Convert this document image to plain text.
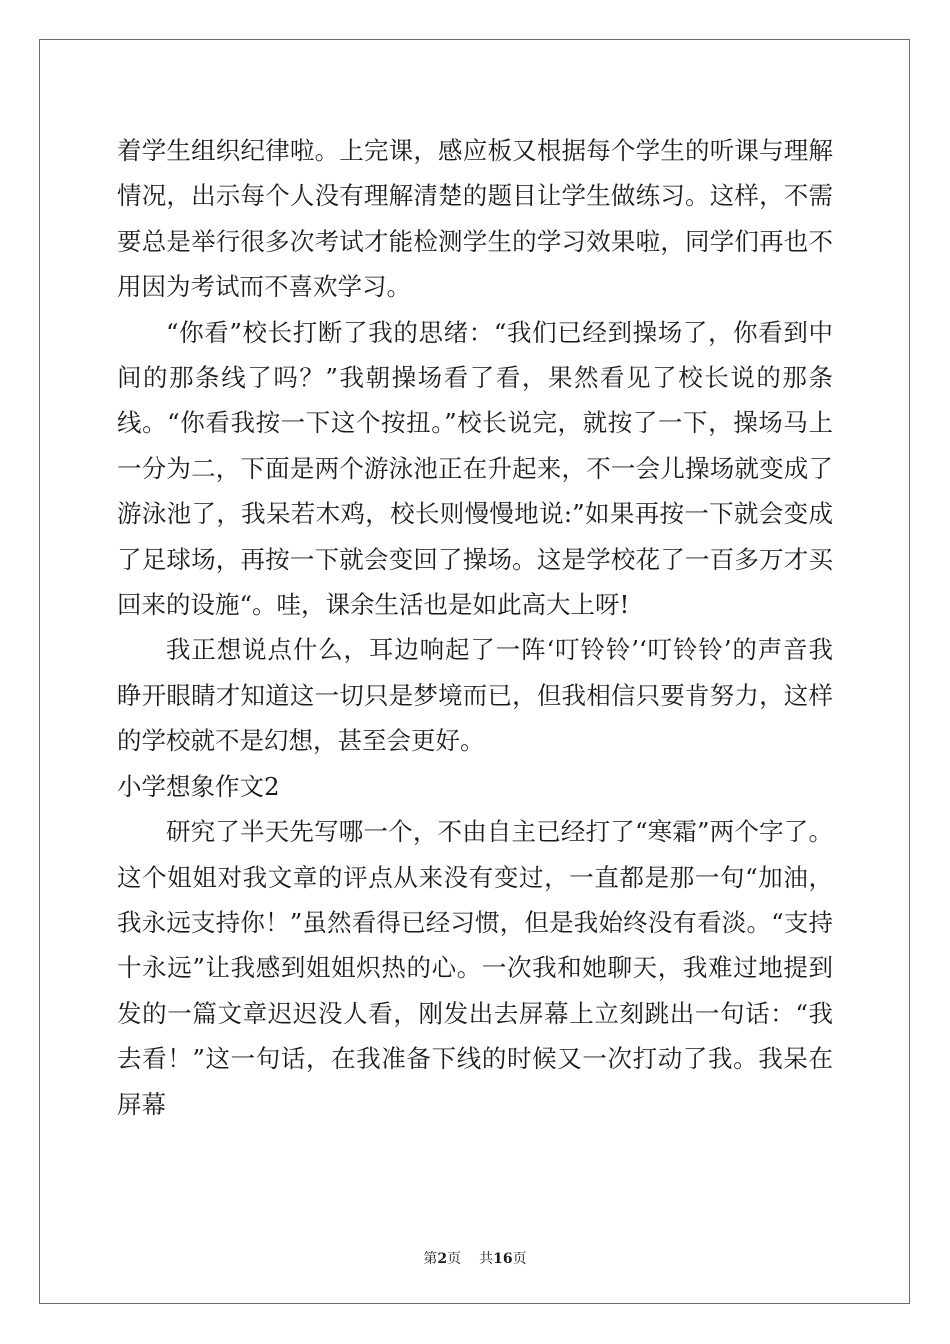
着学生组织纪律啦。上完课，感应板又根据每个学生的听课与理解情况，出示每个人没有理解清楚的题目让学生做练习。这样，不需要总是举行很多次考试才能检测学生的学习效果啦，同学们再也不用因为考试而不喜欢学习。

“你看”校长打断了我的思绪：“我们已经到操场了，你看到中间的那条线了吗？”我朝操场看了看，果然看见了校长说的那条线。“你看我按一下这个按扭。”校长说完，就按了一下，操场马上一分为二，下面是两个游泳池正在升起来，不一会儿操场就变成了游泳池了，我呆若木鸡，校长则慢慢地说:”如果再按一下就会变成了足球场，再按一下就会变回了操场。这是学校花了一百多万才买回来的设施“。哇，课余生活也是如此高大上呀!

我正想说点什么，耳边响起了一阵‘叮铃铃’‘叮铃铃’的声音我睁开眼睛才知道这一切只是梦境而已，但我相信只要肯努力，这样的学校就不是幻想，甚至会更好。

小学想象作文2

研究了半天先写哪一个，不由自主已经打了“寒霜”两个字了。这个姐姐对我文章的评点从来没有变过，一直都是那一句“加油，我永远支持你！”虽然看得已经习惯，但是我始终没有看淡。“支持十永远”让我感到姐姐炽热的心。一次我和她聊天，我难过地提到发的一篇文章迟迟没人看，刚发出去屏幕上立刻跳出一句话：“我去看！”这一句话，在我准备下线的时候又一次打动了我。我呆在屏幕

第2页 共16页
